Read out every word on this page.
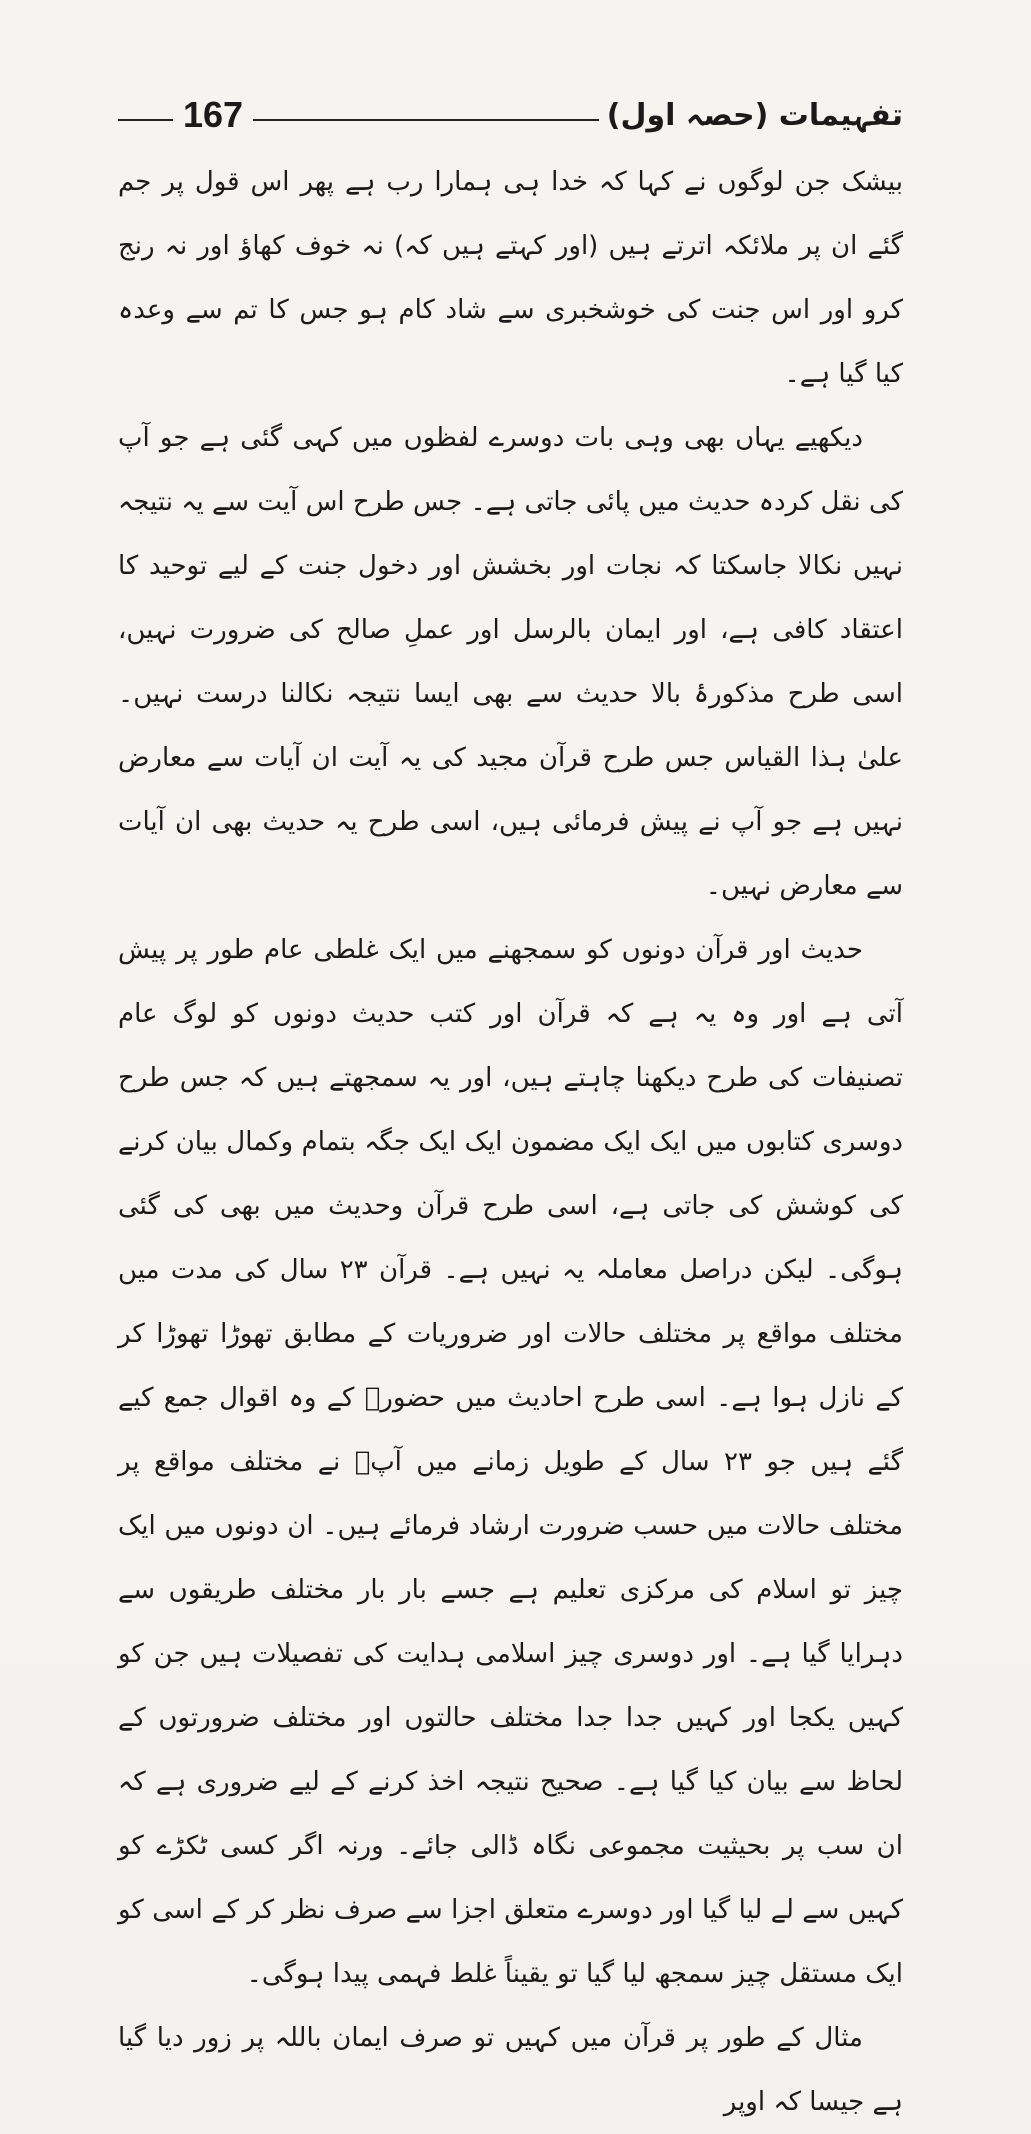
تفہیمات (حصہ اول)
167

بیشک جن لوگوں نے کہا کہ خدا ہی ہمارا رب ہے پھر اس قول پر جم گئے ان پر ملائکہ اترتے ہیں (اور کہتے ہیں کہ) نہ خوف کھاؤ اور نہ رنج کرو اور اس جنت کی خوشخبری سے شاد کام ہو جس کا تم سے وعدہ کیا گیا ہے۔

دیکھیے یہاں بھی وہی بات دوسرے لفظوں میں کہی گئی ہے جو آپ کی نقل کردہ حدیث میں پائی جاتی ہے۔ جس طرح اس آیت سے یہ نتیجہ نہیں نکالا جاسکتا کہ نجات اور بخشش اور دخول جنت کے لیے توحید کا اعتقاد کافی ہے، اور ایمان بالرسل اور عملِ صالح کی ضرورت نہیں، اسی طرح مذکورۂ بالا حدیث سے بھی ایسا نتیجہ نکالنا درست نہیں۔ علیٰ ہذا القیاس جس طرح قرآن مجید کی یہ آیت ان آیات سے معارض نہیں ہے جو آپ نے پیش فرمائی ہیں، اسی طرح یہ حدیث بھی ان آیات سے معارض نہیں۔

حدیث اور قرآن دونوں کو سمجھنے میں ایک غلطی عام طور پر پیش آتی ہے اور وہ یہ ہے کہ قرآن اور کتب حدیث دونوں کو لوگ عام تصنیفات کی طرح دیکھنا چاہتے ہیں، اور یہ سمجھتے ہیں کہ جس طرح دوسری کتابوں میں ایک ایک مضمون ایک ایک جگہ بتمام وکمال بیان کرنے کی کوشش کی جاتی ہے، اسی طرح قرآن وحدیث میں بھی کی گئی ہوگی۔ لیکن دراصل معاملہ یہ نہیں ہے۔ قرآن ۲۳ سال کی مدت میں مختلف مواقع پر مختلف حالات اور ضروریات کے مطابق تھوڑا تھوڑا کر کے نازل ہوا ہے۔ اسی طرح احادیث میں حضورؐ کے وہ اقوال جمع کیے گئے ہیں جو ۲۳ سال کے طویل زمانے میں آپؐ نے مختلف مواقع پر مختلف حالات میں حسب ضرورت ارشاد فرمائے ہیں۔ ان دونوں میں ایک چیز تو اسلام کی مرکزی تعلیم ہے جسے بار بار مختلف طریقوں سے دہرایا گیا ہے۔ اور دوسری چیز اسلامی ہدایت کی تفصیلات ہیں جن کو کہیں یکجا اور کہیں جدا جدا مختلف حالتوں اور مختلف ضرورتوں کے لحاظ سے بیان کیا گیا ہے۔ صحیح نتیجہ اخذ کرنے کے لیے ضروری ہے کہ ان سب پر بحیثیت مجموعی نگاہ ڈالی جائے۔ ورنہ اگر کسی ٹکڑے کو کہیں سے لے لیا گیا اور دوسرے متعلق اجزا سے صرف نظر کر کے اسی کو ایک مستقل چیز سمجھ لیا گیا تو یقیناً غلط فہمی پیدا ہوگی۔

مثال کے طور پر قرآن میں کہیں تو صرف ایمان باللہ پر زور دیا گیا ہے جیسا کہ اوپر
